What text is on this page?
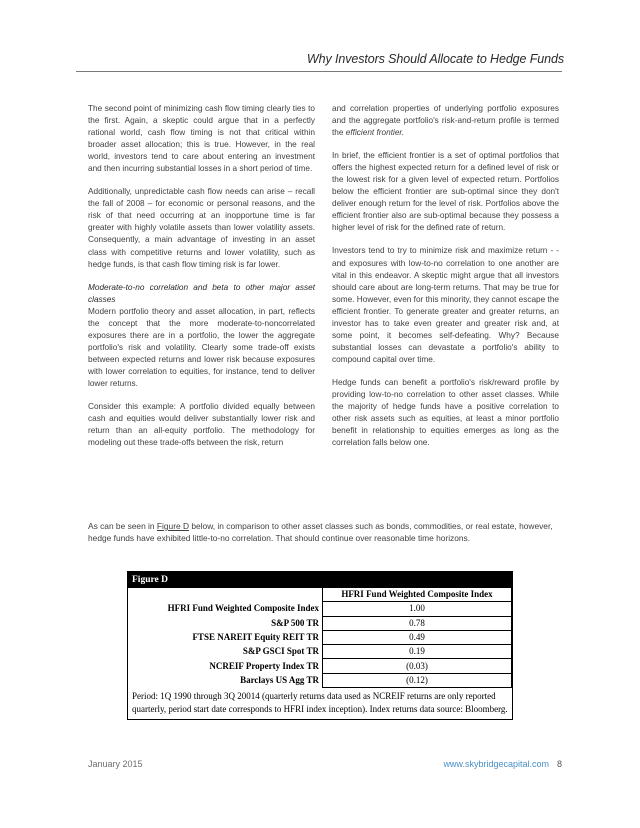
Why Investors Should Allocate to Hedge Funds

The second point of minimizing cash flow timing clearly ties to the first. Again, a skeptic could argue that in a perfectly rational world, cash flow timing is not that critical within broader asset allocation; this is true. However, in the real world, investors tend to care about entering an investment and then incurring substantial losses in a short period of time.

Additionally, unpredictable cash flow needs can arise – recall the fall of 2008 – for economic or personal reasons, and the risk of that need occurring at an inopportune time is far greater with highly volatile assets than lower volatility assets. Consequently, a main advantage of investing in an asset class with competitive returns and lower volatility, such as hedge funds, is that cash flow timing risk is far lower.

Moderate-to-no correlation and beta to other major asset classes

Modern portfolio theory and asset allocation, in part, reflects the concept that the more moderate-to-noncorrelated exposures there are in a portfolio, the lower the aggregate portfolio's risk and volatility. Clearly some trade-off exists between expected returns and lower risk because exposures with lower correlation to equities, for instance, tend to deliver lower returns.

Consider this example: A portfolio divided equally between cash and equities would deliver substantially lower risk and return than an all-equity portfolio. The methodology for modeling out these trade-offs between the risk, return

and correlation properties of underlying portfolio exposures and the aggregate portfolio's risk-and-return profile is termed the efficient frontier.

In brief, the efficient frontier is a set of optimal portfolios that offers the highest expected return for a defined level of risk or the lowest risk for a given level of expected return. Portfolios below the efficient frontier are sub-optimal since they don't deliver enough return for the level of risk. Portfolios above the efficient frontier also are sub-optimal because they possess a higher level of risk for the defined rate of return.

Investors tend to try to minimize risk and maximize return - - and exposures with low-to-no correlation to one another are vital in this endeavor. A skeptic might argue that all investors should care about are long-term returns. That may be true for some. However, even for this minority, they cannot escape the efficient frontier. To generate greater and greater returns, an investor has to take even greater and greater risk and, at some point, it becomes self-defeating. Why? Because substantial losses can devastate a portfolio's ability to compound capital over time.

Hedge funds can benefit a portfolio's risk/reward profile by providing low-to-no correlation to other asset classes. While the majority of hedge funds have a positive correlation to other risk assets such as equities, at least a minor portfolio benefit in relationship to equities emerges as long as the correlation falls below one.

As can be seen in Figure D below, in comparison to other asset classes such as bonds, commodities, or real estate, however, hedge funds have exhibited little-to-no correlation. That should continue over reasonable time horizons.
Figure D
	HFRI Fund Weighted Composite Index
HFRI Fund Weighted Composite Index	1.00
S&P 500 TR	0.78
FTSE NAREIT Equity REIT TR	0.49
S&P GSCI Spot TR	0.19
NCREIF Property Index TR	(0.03)
Barclays US Agg TR	(0.12)
Period: 1Q 1990 through 3Q 20014 (quarterly returns data used as NCREIF returns are only reported quarterly, period start date corresponds to HFRI index inception). Index returns data source: Bloomberg.
January 2015	www.skybridgecapital.com 8
